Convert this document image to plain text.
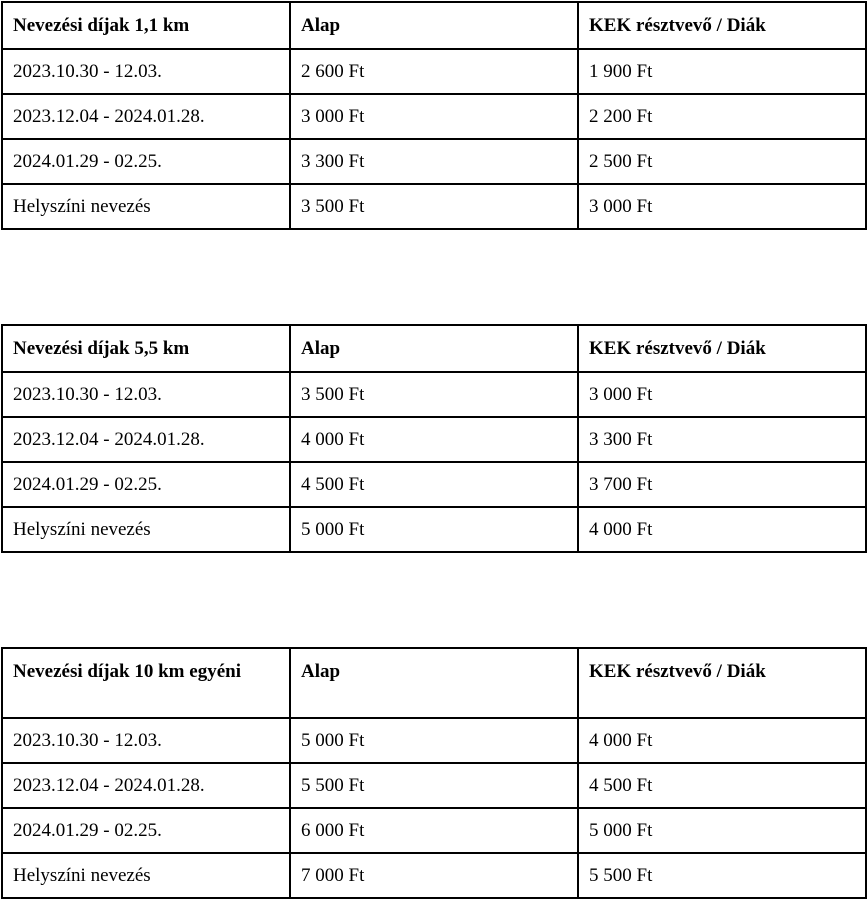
Nevezési díjak 1,1 km	Alap	KEK résztvevő / Diák
2023.10.30 - 12.03.	2 600 Ft	1 900 Ft
2023.12.04 - 2024.01.28.	3 000 Ft	2 200 Ft
2024.01.29 - 02.25.	3 300 Ft	2 500 Ft
Helyszíni nevezés	3 500 Ft	3 000 Ft
Nevezési díjak 5,5 km	Alap	KEK résztvevő / Diák
2023.10.30 - 12.03.	3 500 Ft	3 000 Ft
2023.12.04 - 2024.01.28.	4 000 Ft	3 300 Ft
2024.01.29 - 02.25.	4 500 Ft	3 700 Ft
Helyszíni nevezés	5 000 Ft	4 000 Ft
Nevezési díjak 10 km egyéni	Alap	KEK résztvevő / Diák
2023.10.30 - 12.03.	5 000 Ft	4 000 Ft
2023.12.04 - 2024.01.28.	5 500 Ft	4 500 Ft
2024.01.29 - 02.25.	6 000 Ft	5 000 Ft
Helyszíni nevezés	7 000 Ft	5 500 Ft
